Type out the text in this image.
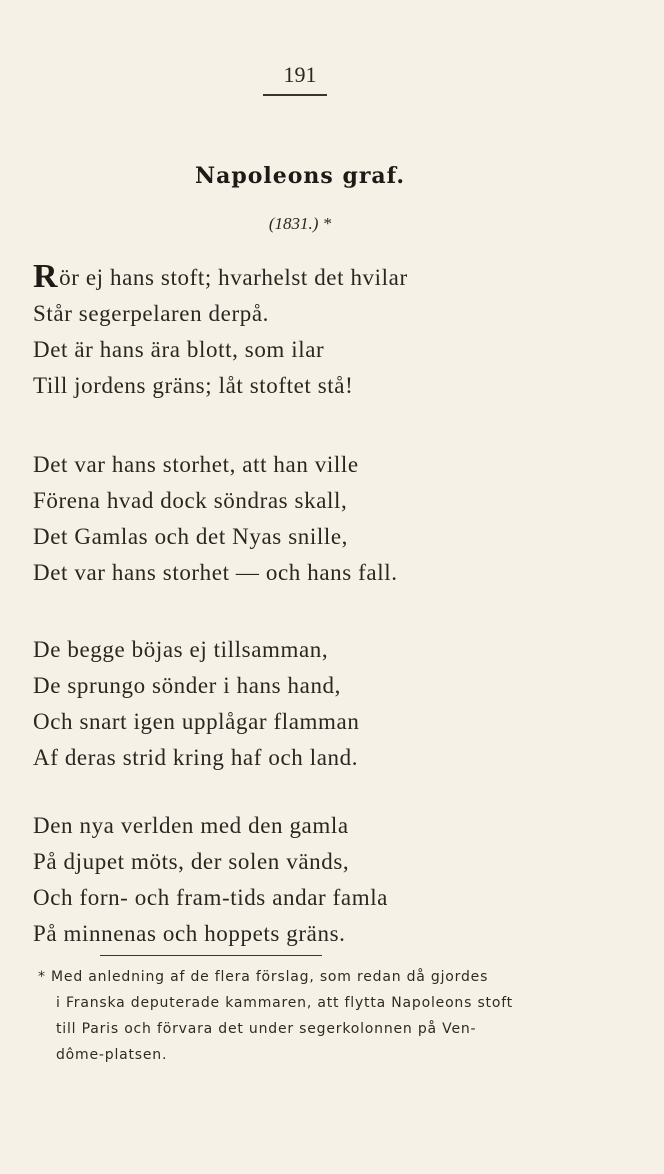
191
Napoleons graf.
(1831.) *
Rör ej hans stoft; hvarhelst det hvilar
Står segerpelaren derpå.
Det är hans ära blott, som ilar
Till jordens gräns; låt stoftet stå!
Det var hans storhet, att han ville
Förena hvad dock söndras skall,
Det Gamlas och det Nyas snille,
Det var hans storhet — och hans fall.
De begge böjas ej tillsamman,
De sprungo sönder i hans hand,
Och snart igen upplågar flamman
Af deras strid kring haf och land.
Den nya verlden med den gamla
På djupet möts, der solen vänds,
Och forn- och fram-tids andar famla
På minnenas och hoppets gräns.
* Med anledning af de flera förslag, som redan då gjordes
i Franska deputerade kammaren, att flytta Napoleons stoft
till Paris och förvara det under segerkolonnen på Ven-
dôme-platsen.
